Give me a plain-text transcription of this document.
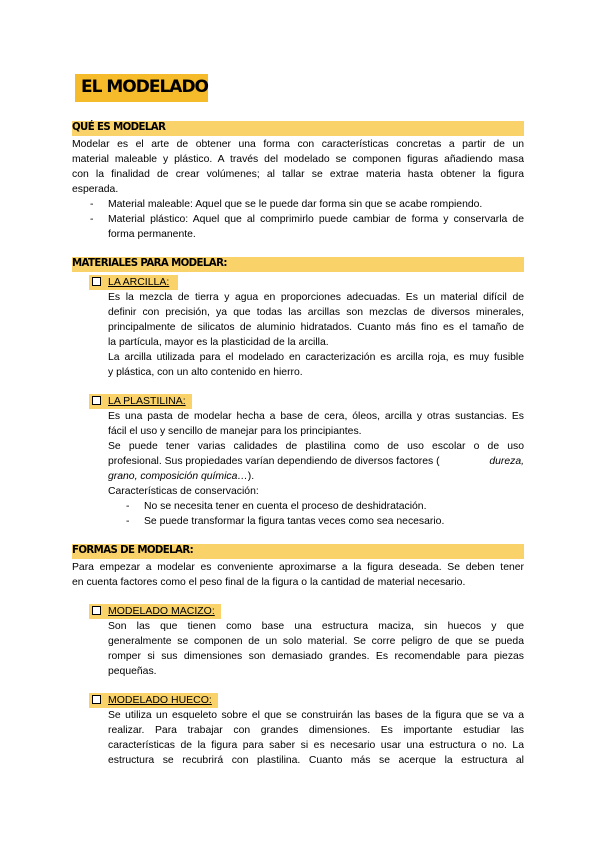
EL MODELADO
QUÉ ES MODELAR
Modelar es el arte de obtener una forma con características concretas a partir de un
material maleable y plástico. A través del modelado se componen figuras añadiendo masa
con la finalidad de crear volúmenes; al tallar se extrae materia hasta obtener la figura
esperada.
- Material maleable: Aquel que se le puede dar forma sin que se acabe rompiendo.
- Material plástico: Aquel que al comprimirlo puede cambiar de forma y conservarla de
forma permanente.
MATERIALES PARA MODELAR:
LA ARCILLA:
Es la mezcla de tierra y agua en proporciones adecuadas. Es un material difícil de
definir con precisión, ya que todas las arcillas son mezclas de diversos minerales,
principalmente de silicatos de aluminio hidratados. Cuanto más fino es el tamaño de
la partícula, mayor es la plasticidad de la arcilla.
La arcilla utilizada para el modelado en caracterización es arcilla roja, es muy fusible
y plástica, con un alto contenido en hierro.
LA PLASTILINA:
Es una pasta de modelar hecha a base de cera, óleos, arcilla y otras sustancias. Es
fácil el uso y sencillo de manejar para los principiantes.
Se puede tener varias calidades de plastilina como de uso escolar o de uso
profesional. Sus propiedades varían dependiendo de diversos factores (	dureza,
grano, composición química…).
Características de conservación:
- No se necesita tener en cuenta el proceso de deshidratación.
- Se puede transformar la figura tantas veces como sea necesario.
FORMAS DE MODELAR:
Para empezar a modelar es conveniente aproximarse a la figura deseada. Se deben tener
en cuenta factores como el peso final de la figura o la cantidad de material necesario.
MODELADO MACIZO:
Son las que tienen como base una estructura maciza, sin huecos y que
generalmente se componen de un solo material. Se corre peligro de que se pueda
romper si sus dimensiones son demasiado grandes. Es recomendable para piezas
pequeñas.
MODELADO HUECO:
Se utiliza un esqueleto sobre el que se construirán las bases de la figura que se va a
realizar. Para trabajar con grandes dimensiones. Es importante estudiar las
características de la figura para saber si es necesario usar una estructura o no. La
estructura se recubrirá con plastilina. Cuanto más se acerque la estructura al
